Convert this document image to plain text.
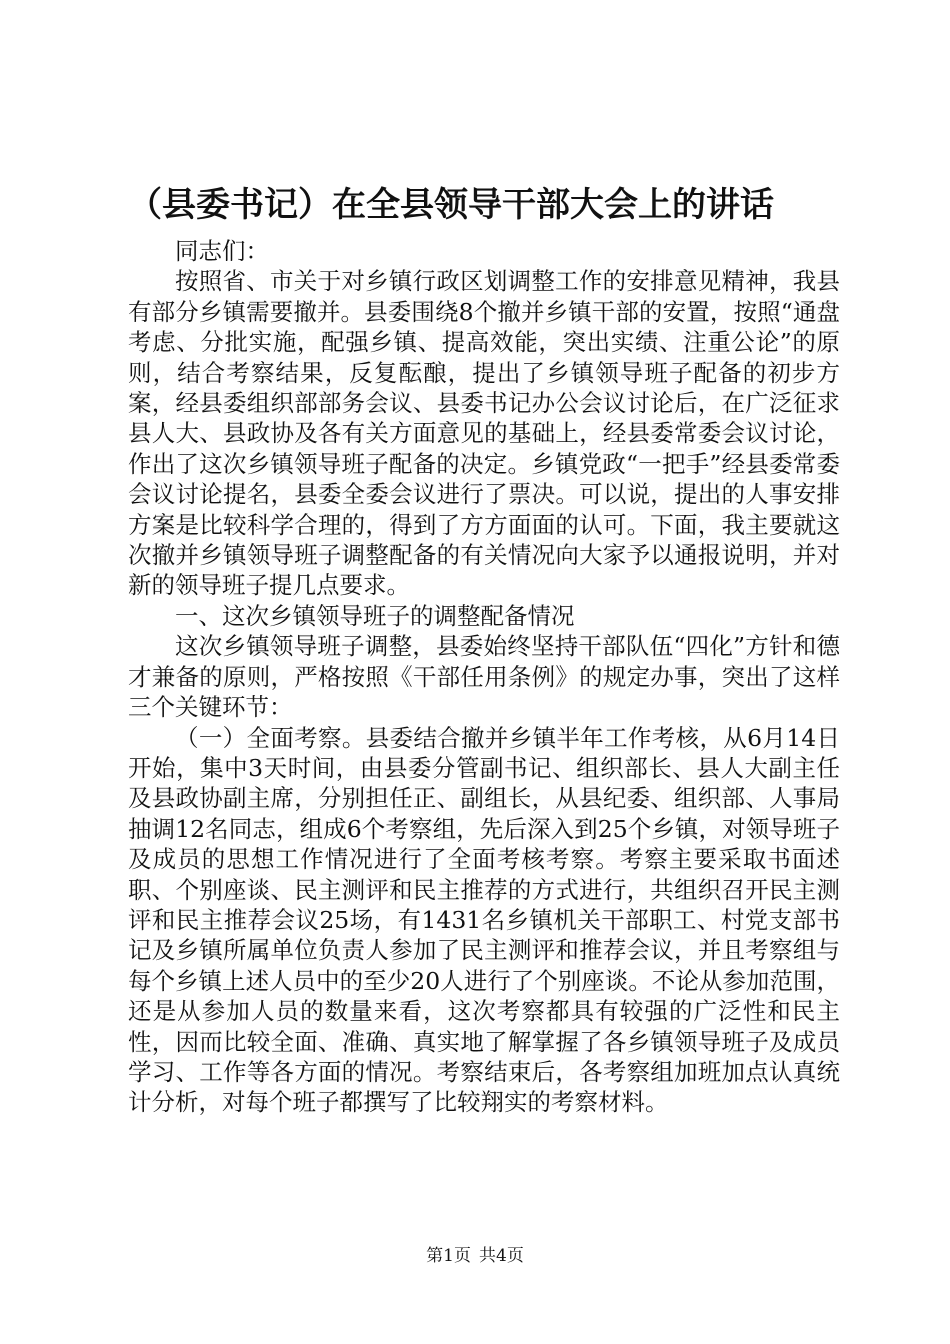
（县委书记）在全县领导干部大会上的讲话

同志们：

按照省、市关于对乡镇行政区划调整工作的安排意见精神，我县有部分乡镇需要撤并。县委围绕8个撤并乡镇干部的安置，按照“通盘考虑、分批实施，配强乡镇、提高效能，突出实绩、注重公论”的原则，结合考察结果，反复酝酿，提出了乡镇领导班子配备的初步方案，经县委组织部部务会议、县委书记办公会议讨论后，在广泛征求县人大、县政协及各有关方面意见的基础上，经县委常委会议讨论，作出了这次乡镇领导班子配备的决定。乡镇党政“一把手”经县委常委会议讨论提名，县委全委会议进行了票决。可以说，提出的人事安排方案是比较科学合理的，得到了方方面面的认可。下面，我主要就这次撤并乡镇领导班子调整配备的有关情况向大家予以通报说明，并对新的领导班子提几点要求。

一、这次乡镇领导班子的调整配备情况

这次乡镇领导班子调整，县委始终坚持干部队伍“四化”方针和德才兼备的原则，严格按照《干部任用条例》的规定办事，突出了这样三个关键环节：

（一）全面考察。县委结合撤并乡镇半年工作考核，从6月14日开始，集中3天时间，由县委分管副书记、组织部长、县人大副主任及县政协副主席，分别担任正、副组长，从县纪委、组织部、人事局抽调12名同志，组成6个考察组，先后深入到25个乡镇，对领导班子及成员的思想工作情况进行了全面考核考察。考察主要采取书面述职、个别座谈、民主测评和民主推荐的方式进行，共组织召开民主测评和民主推荐会议25场，有1431名乡镇机关干部职工、村党支部书记及乡镇所属单位负责人参加了民主测评和推荐会议，并且考察组与每个乡镇上述人员中的至少20人进行了个别座谈。不论从参加范围，还是从参加人员的数量来看，这次考察都具有较强的广泛性和民主性，因而比较全面、准确、真实地了解掌握了各乡镇领导班子及成员学习、工作等各方面的情况。考察结束后，各考察组加班加点认真统计分析，对每个班子都撰写了比较翔实的考察材料。

第1页 共4页
